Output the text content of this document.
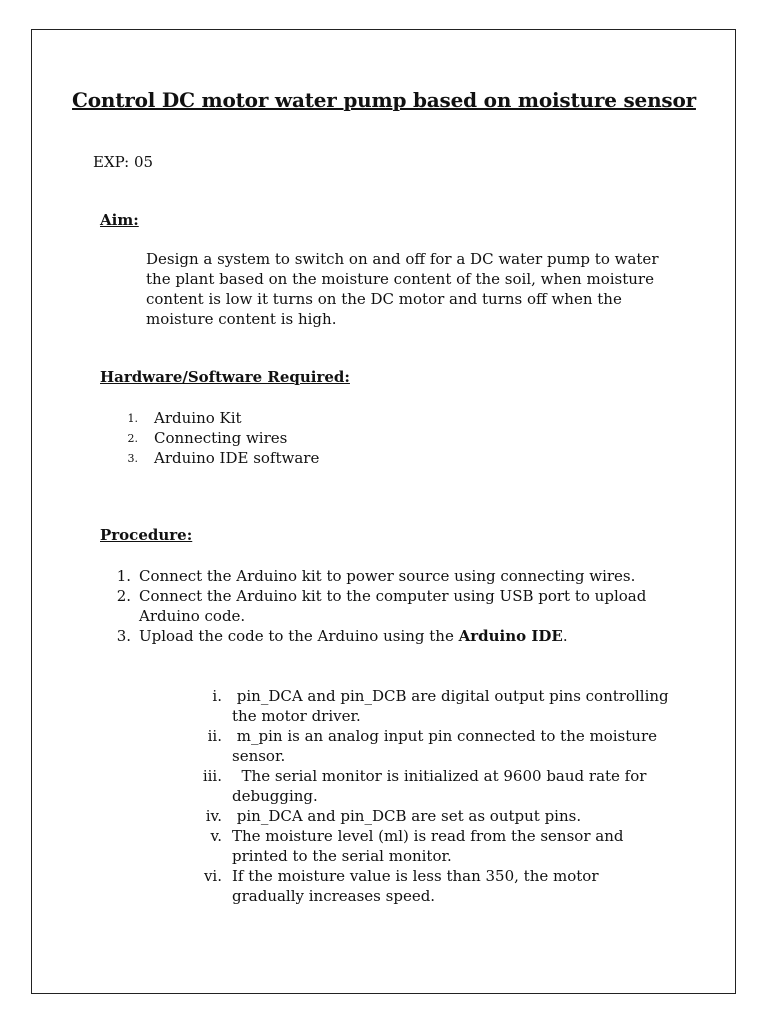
Control DC motor water pump based on moisture sensor
EXP: 05
Aim:
Design a system to switch on and off for a DC water pump to water
the plant based on the moisture content of the soil, when moisture
content is low it turns on the DC motor and turns off when the
moisture content is high.
Hardware/Software Required:
1. Arduino Kit
2. Connecting wires
3. Arduino IDE software
Procedure:
1. Connect the Arduino kit to power source using connecting wires.
2. Connect the Arduino kit to the computer using USB port to upload
Arduino code.
3. Upload the code to the Arduino using the Arduino IDE.
i. pin_DCA and pin_DCB are digital output pins controlling
the motor driver.
ii. m_pin is an analog input pin connected to the moisture
sensor.
iii. The serial monitor is initialized at 9600 baud rate for
debugging.
iv. pin_DCA and pin_DCB are set as output pins.
v. The moisture level (ml) is read from the sensor and
printed to the serial monitor.
vi. If the moisture value is less than 350, the motor
gradually increases speed.
